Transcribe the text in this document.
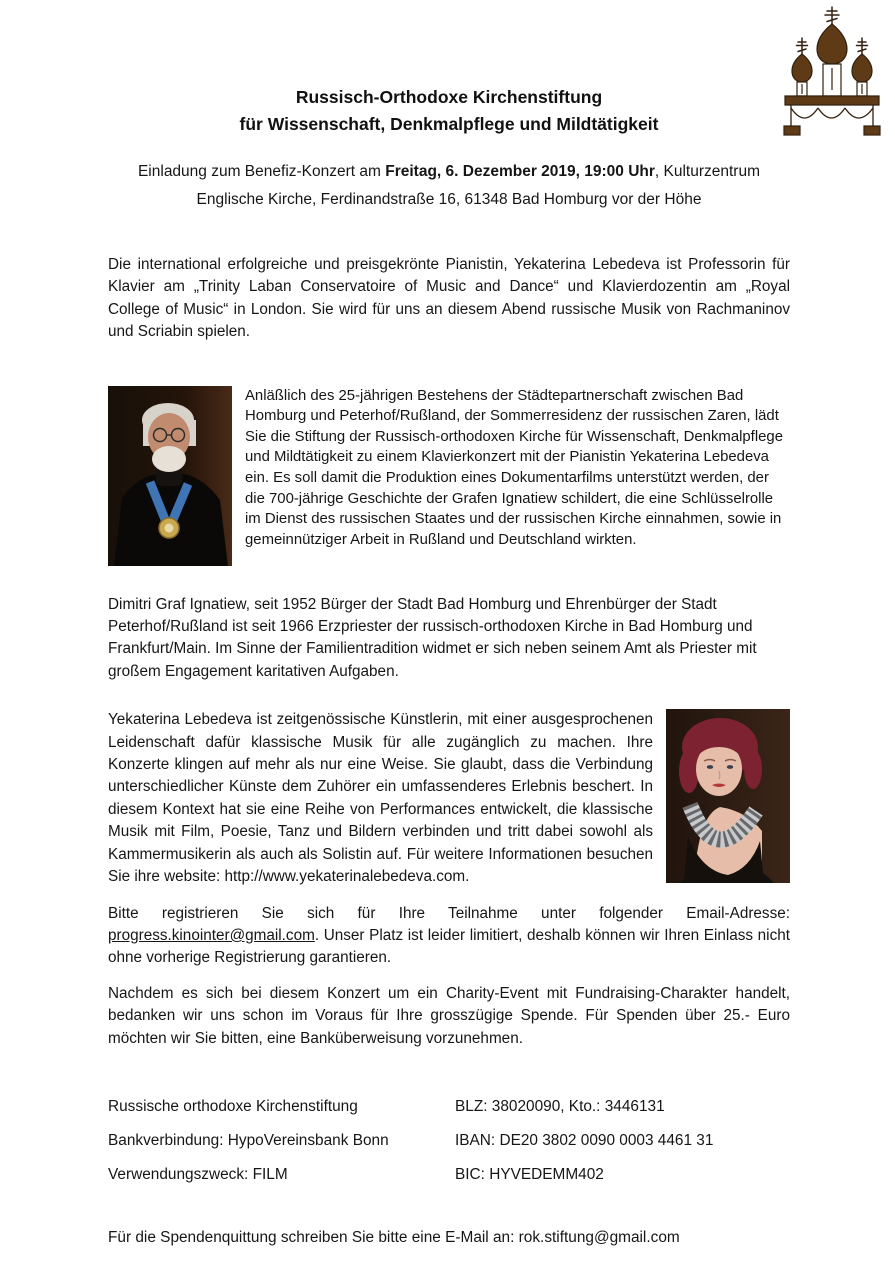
Russisch-Orthodoxe Kirchenstiftung
für Wissenschaft, Denkmalpflege und Mildtätigkeit

Einladung zum Benefiz-Konzert am Freitag, 6. Dezember 2019, 19:00 Uhr, Kulturzentrum Englische Kirche, Ferdinandstraße 16, 61348 Bad Homburg vor der Höhe

Die international erfolgreiche und preisgekrönte Pianistin, Yekaterina Lebedeva ist Professorin für Klavier am „Trinity Laban Conservatoire of Music and Dance“ und Klavierdozentin am „Royal College of Music“ in London. Sie wird für uns an diesem Abend russische Musik von Rachmaninov und Scriabin spielen.

Anläßlich des 25-jährigen Bestehens der Städtepartnerschaft zwischen Bad Homburg und Peterhof/Rußland, der Sommerresidenz der russischen Zaren, lädt Sie die Stiftung der Russisch-orthodoxen Kirche für Wissenschaft, Denkmalpflege und Mildtätigkeit zu einem Klavierkonzert mit der Pianistin Yekaterina Lebedeva ein. Es soll damit die Produktion eines Dokumentarfilms unterstützt werden, der die 700-jährige Geschichte der Grafen Ignatiew schildert, die eine Schlüsselrolle im Dienst des russischen Staates und der russischen Kirche einnahmen, sowie in gemeinnütziger Arbeit in Rußland und Deutschland wirkten.

Dimitri Graf Ignatiew, seit 1952 Bürger der Stadt Bad Homburg und Ehrenbürger der Stadt Peterhof/Rußland ist seit 1966 Erzpriester der russisch-orthodoxen Kirche in Bad Homburg und Frankfurt/Main. Im Sinne der Familientradition widmet er sich neben seinem Amt als Priester mit großem Engagement karitativen Aufgaben.

Yekaterina Lebedeva ist zeitgenössische Künstlerin, mit einer ausgesprochenen Leidenschaft dafür klassische Musik für alle zugänglich zu machen. Ihre Konzerte klingen auf mehr als nur eine Weise. Sie glaubt, dass die Verbindung unterschiedlicher Künste dem Zuhörer ein umfassenderes Erlebnis beschert. In diesem Kontext hat sie eine Reihe von Performances entwickelt, die klassische Musik mit Film, Poesie, Tanz und Bildern verbinden und tritt dabei sowohl als Kammermusikerin als auch als Solistin auf. Für weitere Informationen besuchen Sie ihre website: http://www.yekaterinalebedeva.com.

Bitte registrieren Sie sich für Ihre Teilnahme unter folgender Email-Adresse: progress.kinointer@gmail.com. Unser Platz ist leider limitiert, deshalb können wir Ihren Einlass nicht ohne vorherige Registrierung garantieren.

Nachdem es sich bei diesem Konzert um ein Charity-Event mit Fundraising-Charakter handelt, bedanken wir uns schon im Voraus für Ihre grosszügige Spende. Für Spenden über 25.- Euro möchten wir Sie bitten, eine Banküberweisung vorzunehmen.

Russische orthodoxe Kirchenstiftung	BLZ: 38020090, Kto.: 3446131
Bankverbindung: HypoVereinsbank Bonn	IBAN: DE20 3802 0090 0003 4461 31
Verwendungszweck: FILM	BIC: HYVEDEMM402

Für die Spendenquittung schreiben Sie bitte eine E-Mail an: rok.stiftung@gmail.com
